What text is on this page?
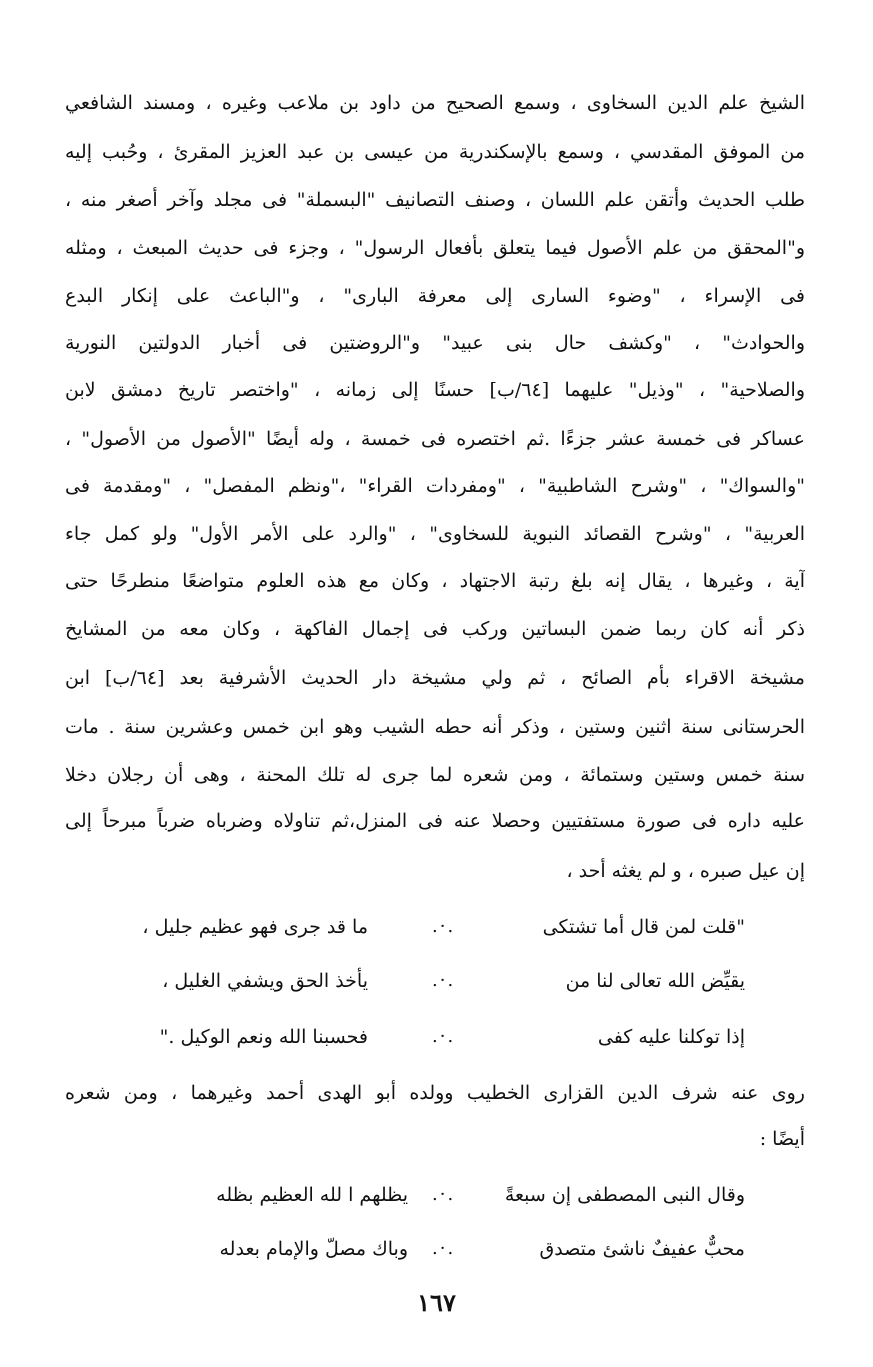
الشيخ علم الدين السخاوى ، وسمع الصحيح من داود بن ملاعب وغيره ، ومسند الشافعي
من الموفق المقدسي ، وسمع بالإسكندرية من عيسى بن عبد العزيز المقرئ ، وحُبب إليه
طلب الحديث وأتقن علم اللسان ، وصنف التصانيف "البسملة" فى مجلد وآخر أصغر منه ،
و"المحقق من علم الأصول فيما يتعلق بأفعال الرسول" ، وجزء فى حديث المبعث ، ومثله
فى الإسراء ، "وضوء السارى إلى معرفة البارى" ، و"الباعث على إنكار البدع
والحوادث" ، "وكشف حال بنى عبيد" و"الروضتين فى أخبار الدولتين النورية
والصلاحية" ، "وذيل" عليهما [٦٤/ب] حسنًا إلى زمانه ، "واختصر تاريخ دمشق لابن
عساكر فى خمسة عشر جزءًا .ثم اختصره فى خمسة ، وله أيضًا "الأصول من الأصول" ،
"والسواك" ، "وشرح الشاطبية" ، "ومفردات القراء" ،"ونظم المفصل" ، "ومقدمة فى
العربية" ، "وشرح القصائد النبوية للسخاوى" ، "والرد على الأمر الأول" ولو كمل جاء
آية ، وغيرها ، يقال إنه بلغ رتبة الاجتهاد ، وكان مع هذه العلوم متواضعًا منطرحًا حتى
ذكر أنه كان ربما ضمن البساتين وركب فى إجمال الفاكهة ، وكان معه من المشايخ
مشيخة الاقراء بأم الصائح ، ثم ولي مشيخة دار الحديث الأشرفية بعد [٦٤/ب] ابن
الحرستانى سنة اثنين وستين ، وذكر أنه حطه الشيب وهو ابن خمس وعشرين سنة . مات
سنة خمس وستين وستمائة ، ومن شعره لما جرى له تلك المحنة ، وهى أن رجلان دخلا
عليه داره فى صورة مستفتيين وحصلا عنه فى المنزل،ثم تناولاه وضرباه ضرباً مبرحاً إلى
إن عيل صبره ، و لم يغثه أحد ،
"قلت لمن قال أما تشتكى
.·.
ما قد جرى فهو عظيم جليل ،
يقيِّض الله تعالى لنا من
.·.
يأخذ الحق ويشفي الغليل ،
إذا توكلنا عليه كفى
.·.
فحسبنا الله ونعم الوكيل ."
روى عنه شرف الدين القزارى الخطيب وولده أبو الهدى أحمد وغيرهما ، ومن شعره
أيضًا :
وقال النبى المصطفى إن سبعةً
.·.
يظلهم ا لله العظيم بظله
محبٌّ عفيفٌ ناشئ متصدق
.·.
وباك مصلّ والإمام بعدله
١٦٧
